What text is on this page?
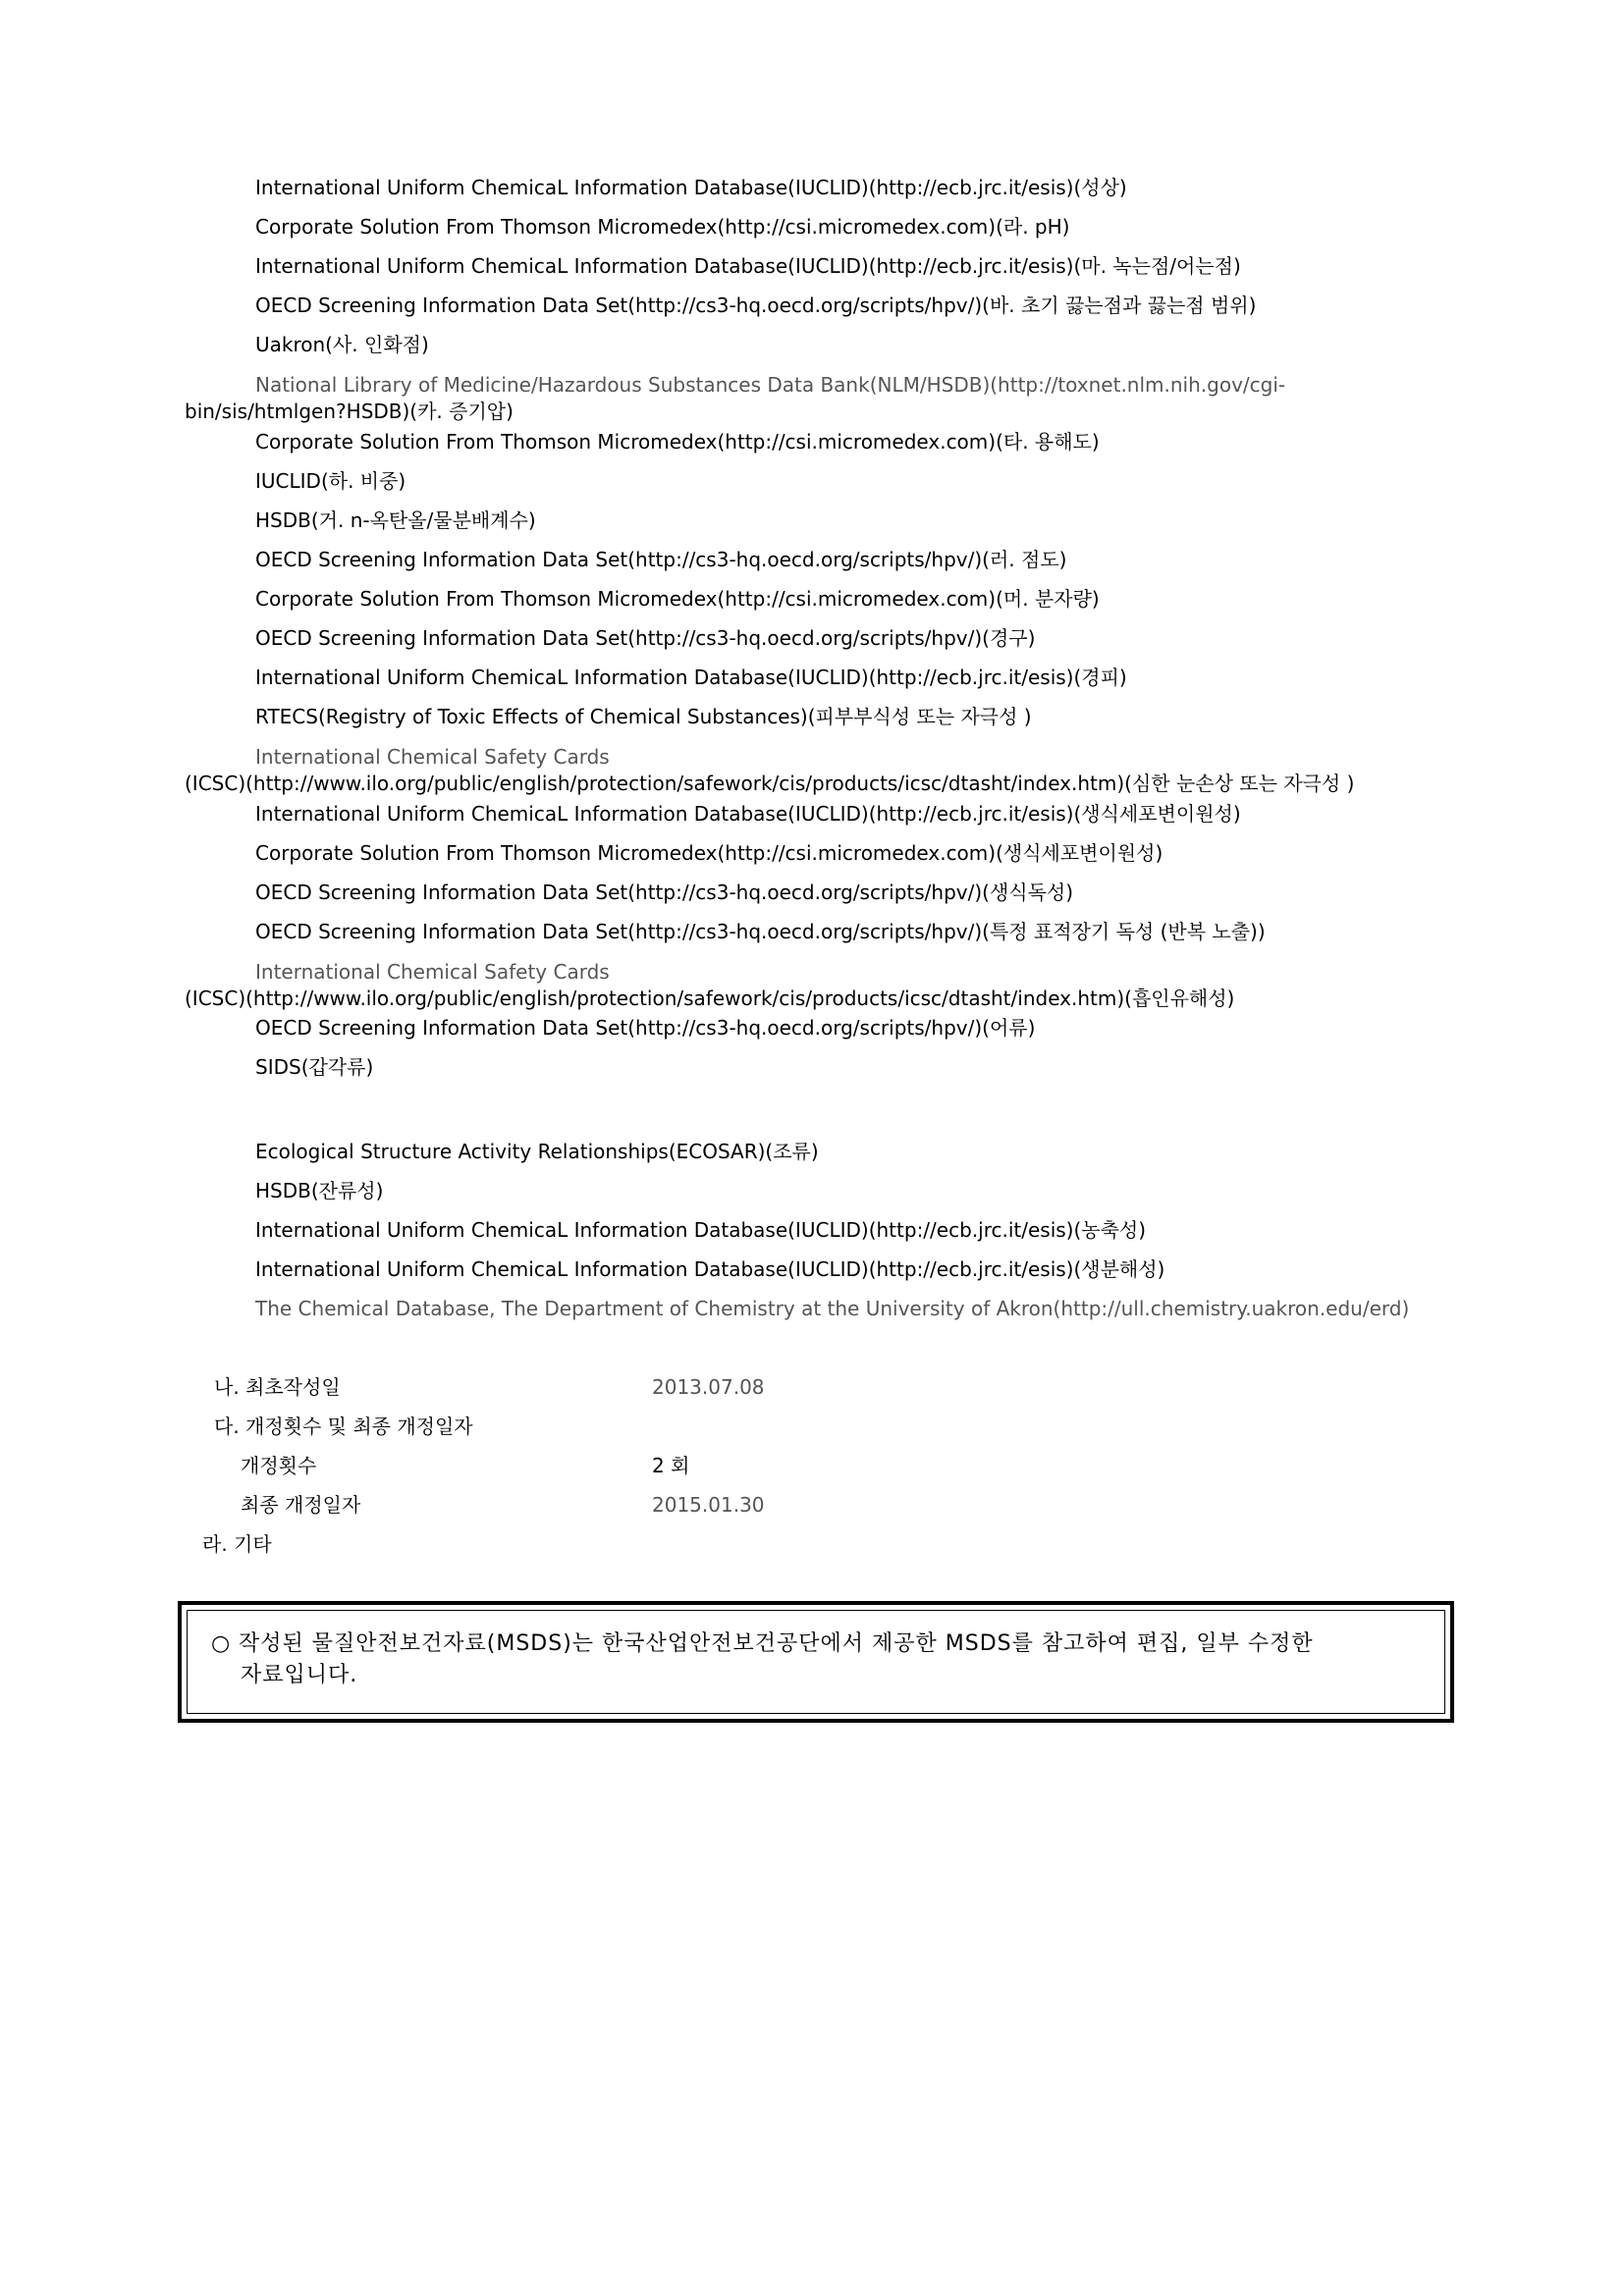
International Uniform ChemicaL Information Database(IUCLID)(http://ecb.jrc.it/esis)(성상)
Corporate Solution From Thomson Micromedex(http://csi.micromedex.com)(라. pH)
International Uniform ChemicaL Information Database(IUCLID)(http://ecb.jrc.it/esis)(마. 녹는점/어는점)
OECD Screening Information Data Set(http://cs3-hq.oecd.org/scripts/hpv/)(바. 초기 끓는점과 끓는점 범위)
Uakron(사. 인화점)
National Library of Medicine/Hazardous Substances Data Bank(NLM/HSDB)(http://toxnet.nlm.nih.gov/cgi-
bin/sis/htmlgen?HSDB)(카. 증기압)
Corporate Solution From Thomson Micromedex(http://csi.micromedex.com)(타. 용해도)
IUCLID(하. 비중)
HSDB(거. n-옥탄올/물분배계수)
OECD Screening Information Data Set(http://cs3-hq.oecd.org/scripts/hpv/)(러. 점도)
Corporate Solution From Thomson Micromedex(http://csi.micromedex.com)(머. 분자량)
OECD Screening Information Data Set(http://cs3-hq.oecd.org/scripts/hpv/)(경구)
International Uniform ChemicaL Information Database(IUCLID)(http://ecb.jrc.it/esis)(경피)
RTECS(Registry of Toxic Effects of Chemical Substances)(피부부식성 또는 자극성 )
International Chemical Safety Cards
(ICSC)(http://www.ilo.org/public/english/protection/safework/cis/products/icsc/dtasht/index.htm)(심한 눈손상 또는 자극성 )
International Uniform ChemicaL Information Database(IUCLID)(http://ecb.jrc.it/esis)(생식세포변이원성)
Corporate Solution From Thomson Micromedex(http://csi.micromedex.com)(생식세포변이원성)
OECD Screening Information Data Set(http://cs3-hq.oecd.org/scripts/hpv/)(생식독성)
OECD Screening Information Data Set(http://cs3-hq.oecd.org/scripts/hpv/)(특정 표적장기 독성 (반복 노출))
International Chemical Safety Cards
(ICSC)(http://www.ilo.org/public/english/protection/safework/cis/products/icsc/dtasht/index.htm)(흡인유해성)
OECD Screening Information Data Set(http://cs3-hq.oecd.org/scripts/hpv/)(어류)
SIDS(갑각류)
Ecological Structure Activity Relationships(ECOSAR)(조류)
HSDB(잔류성)
International Uniform ChemicaL Information Database(IUCLID)(http://ecb.jrc.it/esis)(농축성)
International Uniform ChemicaL Information Database(IUCLID)(http://ecb.jrc.it/esis)(생분해성)
The Chemical Database, The Department of Chemistry at the University of Akron(http://ull.chemistry.uakron.edu/erd)
나. 최초작성일	2013.07.08
다. 개정횟수 및 최종 개정일자
개정횟수	2 회
최종 개정일자	2015.01.30
라. 기타
○ 작성된 물질안전보건자료(MSDS)는 한국산업안전보건공단에서 제공한 MSDS를 참고하여 편집, 일부 수정한
자료입니다.
